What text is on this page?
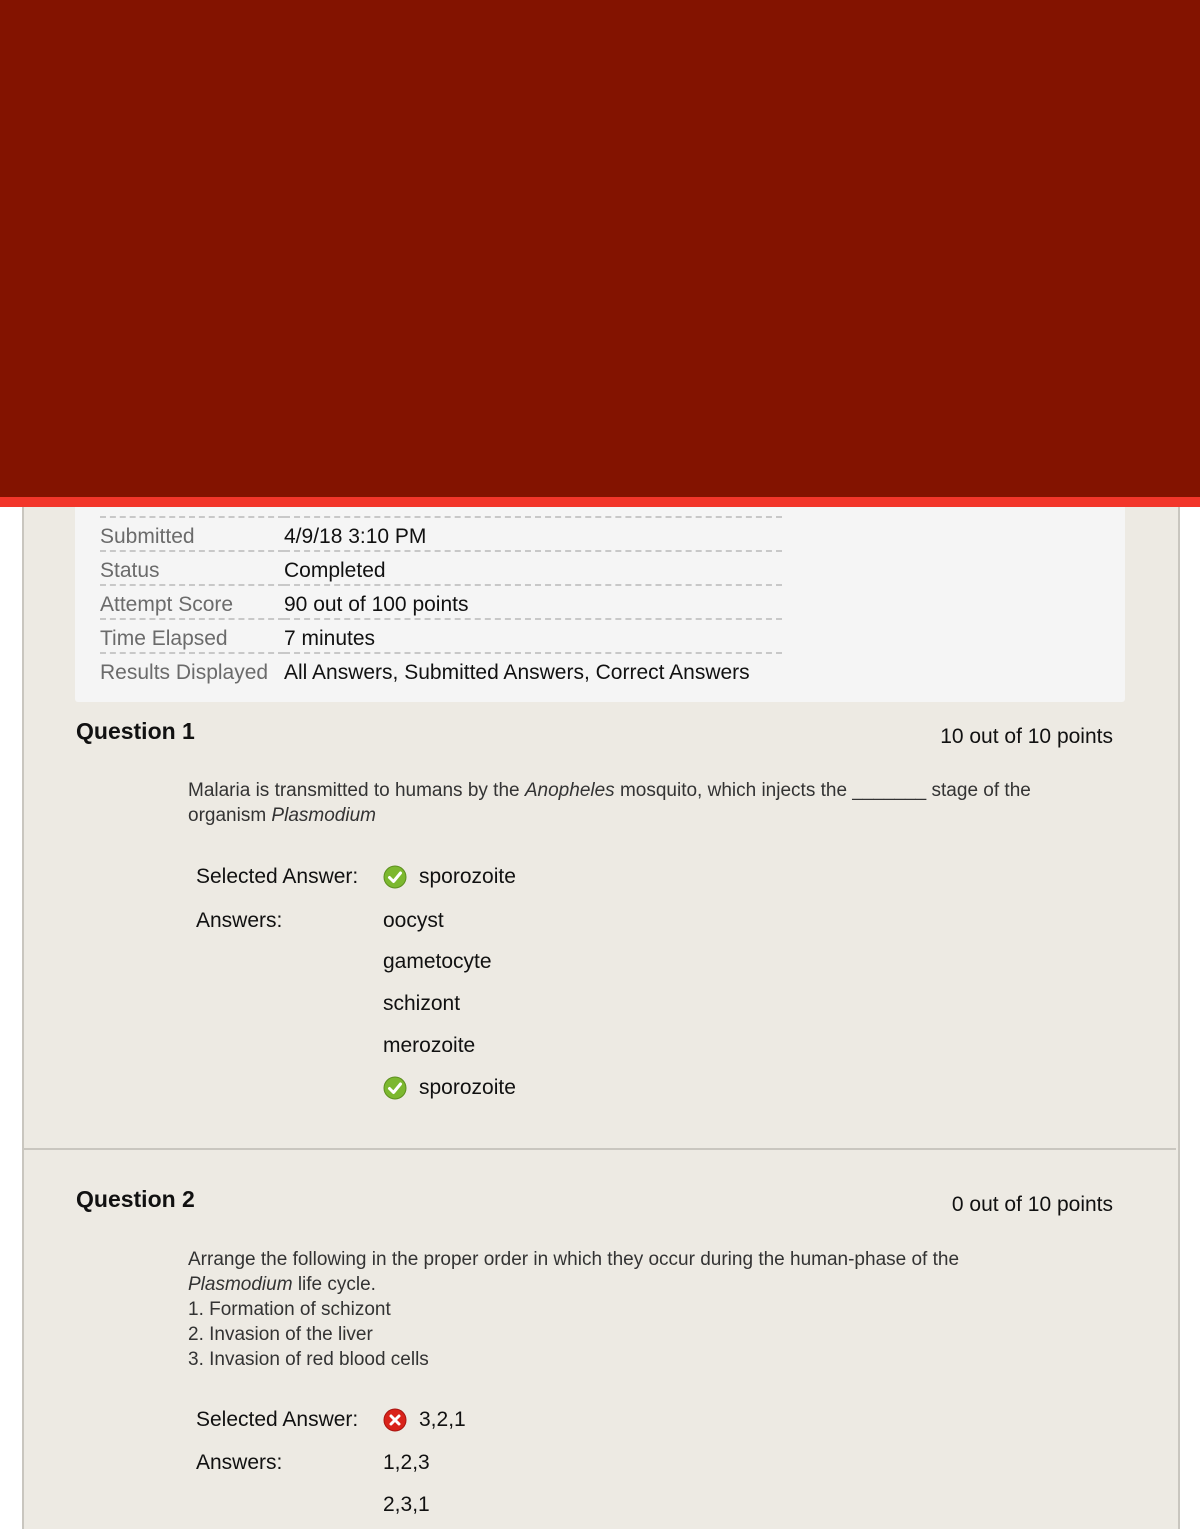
Submitted	4/9/18 3:10 PM
Status	Completed
Attempt Score	90 out of 100 points
Time Elapsed	7 minutes
Results Displayed	All Answers, Submitted Answers, Correct Answers
Question 1	10 out of 10 points
Malaria is transmitted to humans by the Anopheles mosquito, which injects the _______ stage of the organism Plasmodium
Selected Answer:	sporozoite
Answers:	oocyst
gametocyte
schizont
merozoite
sporozoite
Question 2	0 out of 10 points
Arrange the following in the proper order in which they occur during the human-phase of the Plasmodium life cycle.
1. Formation of schizont
2. Invasion of the liver
3. Invasion of red blood cells
Selected Answer:	3,2,1
Answers:	1,2,3
2,3,1
